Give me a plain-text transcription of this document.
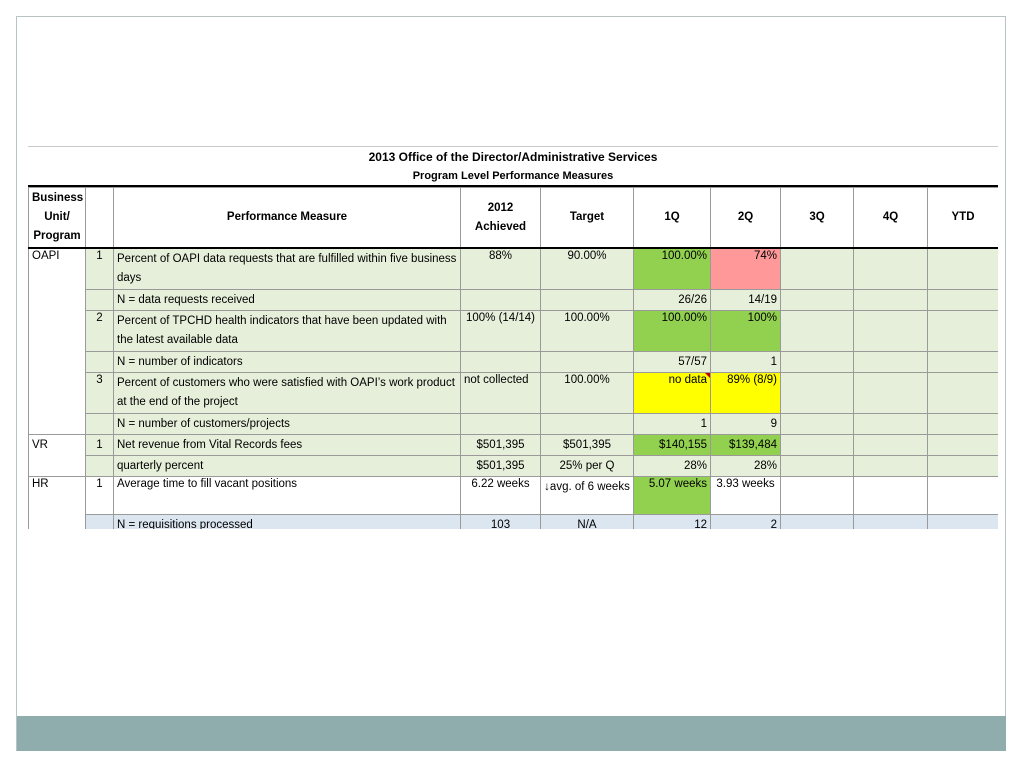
2013 Office of the Director/Administrative Services
Program Level Performance Measures
Business Unit/ Program		Performance Measure	2012 Achieved	Target	1Q	2Q	3Q	4Q	YTD
OAPI	1	Percent of OAPI data requests that are fulfilled within five business days	88%	90.00%	100.00%	74%			
		N = data requests received			26/26	14/19			
	2	Percent of TPCHD health indicators that have been updated with the latest available data	100% (14/14)	100.00%	100.00%	100%			
		N = number of indicators			57/57	1			
	3	Percent of customers who were satisfied with OAPI’s work product at the end of the project	not collected	100.00%	no data	89% (8/9)			
		N = number of customers/projects			1	9			
VR	1	Net revenue from Vital Records fees	$501,395	$501,395	$140,155	$139,484			
		quarterly percent	$501,395	25% per Q	28%	28%			
HR	1	Average time to fill vacant positions	6.22 weeks	↓avg. of 6 weeks	5.07 weeks	3.93 weeks			
		N = requisitions processed	103	N/A	12	2			
